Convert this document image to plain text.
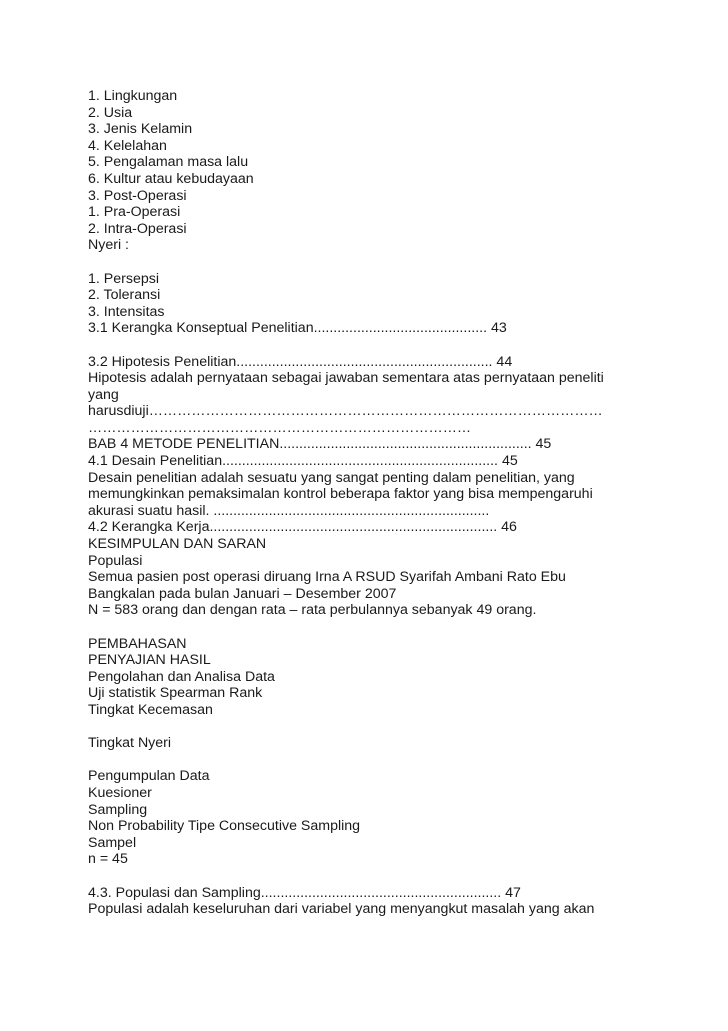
1. Lingkungan
2. Usia
3. Jenis Kelamin
4. Kelelahan
5. Pengalaman masa lalu
6. Kultur atau kebudayaan
3. Post-Operasi
1. Pra-Operasi
2. Intra-Operasi
Nyeri :
1. Persepsi
2. Toleransi
3. Intensitas
3.1 Kerangka Konseptual Penelitian............................................ 43
3.2 Hipotesis Penelitian................................................................. 44
Hipotesis adalah pernyataan sebagai jawaban sementara atas pernyataan peneliti
yang
harusdiuji……………………………………………………………………………………
………………………………………………………………………
BAB 4 METODE PENELITIAN................................................................ 45
4.1 Desain Penelitian...................................................................... 45
Desain penelitian adalah sesuatu yang sangat penting dalam penelitian, yang
memungkinkan pemaksimalan kontrol beberapa faktor yang bisa mempengaruhi
akurasi suatu hasil. ......................................................................
4.2 Kerangka Kerja......................................................................... 46
KESIMPULAN DAN SARAN
Populasi
Semua pasien post operasi diruang Irna A RSUD Syarifah Ambani Rato Ebu
Bangkalan pada bulan Januari – Desember 2007
N = 583 orang dan dengan rata – rata perbulannya sebanyak 49 orang.
PEMBAHASAN
PENYAJIAN HASIL
Pengolahan dan Analisa Data
Uji statistik Spearman Rank
Tingkat Kecemasan
Tingkat Nyeri
Pengumpulan Data
Kuesioner
Sampling
Non Probability Tipe Consecutive Sampling
Sampel
n = 45
4.3. Populasi dan Sampling............................................................. 47
Populasi adalah keseluruhan dari variabel yang menyangkut masalah yang akan
